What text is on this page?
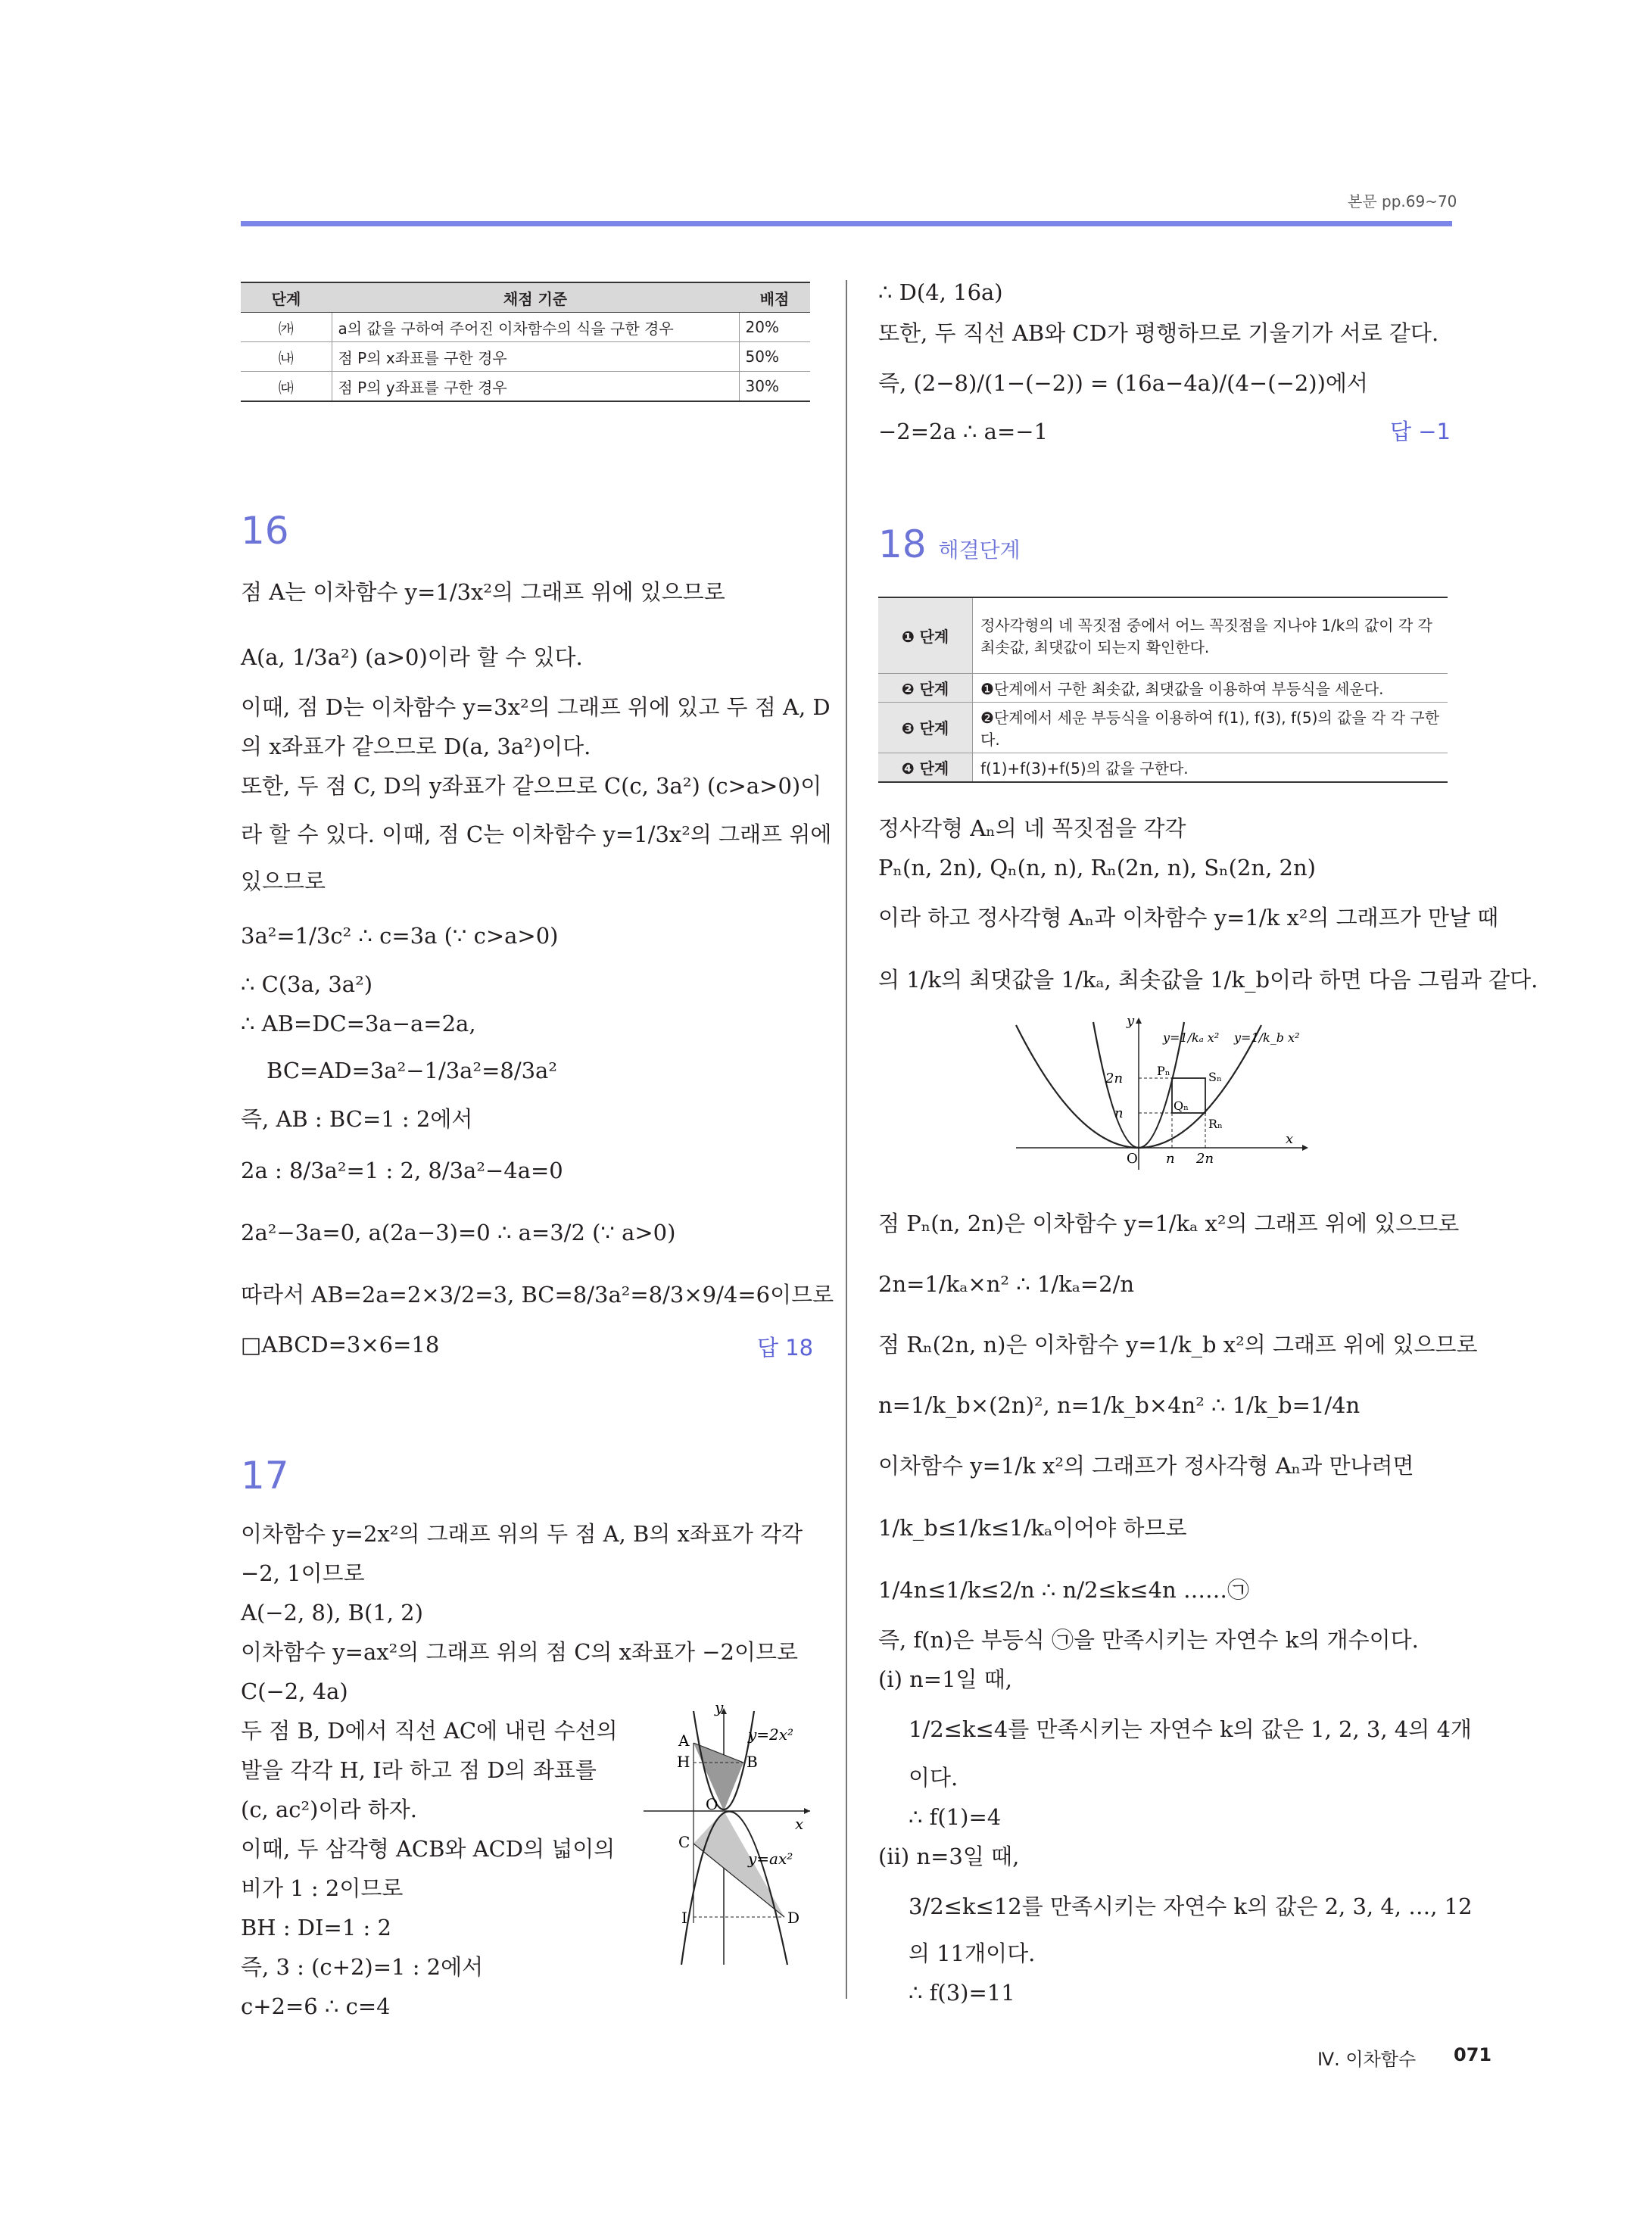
본문 pp.69~70
단계	채점 기준	배점
㈎	a의 값을 구하여 주어진 이차함수의 식을 구한 경우	20%
㈏	점 P의 x좌표를 구한 경우	50%
㈐	점 P의 y좌표를 구한 경우	30%
16
점 A는 이차함수 y=1/3x²의 그래프 위에 있으므로
A(a, 1/3a²) (a>0)이라 할 수 있다.
이때, 점 D는 이차함수 y=3x²의 그래프 위에 있고 두 점 A, D
의 x좌표가 같으므로 D(a, 3a²)이다.
또한, 두 점 C, D의 y좌표가 같으므로 C(c, 3a²) (c>a>0)이
라 할 수 있다. 이때, 점 C는 이차함수 y=1/3x²의 그래프 위에
있으므로
3a²=1/3c² ∴ c=3a (∵ c>a>0)
∴ C(3a, 3a²)
∴ AB=DC=3a−a=2a,
BC=AD=3a²−1/3a²=8/3a²
즉, AB : BC=1 : 2에서
2a : 8/3a²=1 : 2, 8/3a²−4a=0
2a²−3a=0, a(2a−3)=0 ∴ a=3/2 (∵ a>0)
따라서 AB=2a=2×3/2=3, BC=8/3a²=8/3×9/4=6이므로
□ABCD=3×6=18	답 18
17
이차함수 y=2x²의 그래프 위의 두 점 A, B의 x좌표가 각각
−2, 1이므로
A(−2, 8), B(1, 2)
이차함수 y=ax²의 그래프 위의 점 C의 x좌표가 −2이므로
C(−2, 4a)
두 점 B, D에서 직선 AC에 내린 수선의
발을 각각 H, I라 하고 점 D의 좌표를
(c, ac²)이라 하자.
이때, 두 삼각형 ACB와 ACD의 넓이의
비가 1 : 2이므로
BH : DI=1 : 2
즉, 3 : (c+2)=1 : 2에서
c+2=6 ∴ c=4
y
x
y=2x²
y=ax²
A
H	B
O
C
I	D
∴ D(4, 16a)
또한, 두 직선 AB와 CD가 평행하므로 기울기가 서로 같다.
즉, (2−8)/(1−(−2)) = (16a−4a)/(4−(−2))에서
−2=2a ∴ a=−1	답 −1
18 해결단계
❶ 단계	정사각형의 네 꼭짓점 중에서 어느 꼭짓점을 지나야 1/k의 값이 각 각 최솟값, 최댓값이 되는지 확인한다.
❷ 단계	❶단계에서 구한 최솟값, 최댓값을 이용하여 부등식을 세운다.
❸ 단계	❷단계에서 세운 부등식을 이용하여 f(1), f(3), f(5)의 값을 각 각 구한다.
❹ 단계	f(1)+f(3)+f(5)의 값을 구한다.
정사각형 Aₙ의 네 꼭짓점을 각각
Pₙ(n, 2n), Qₙ(n, n), Rₙ(2n, n), Sₙ(2n, 2n)
이라 하고 정사각형 Aₙ과 이차함수 y=1/k x²의 그래프가 만날 때
의 1/k의 최댓값을 1/kₐ, 최솟값을 1/k_b이라 하면 다음 그림과 같다.
y
x
y=1/kₐ x² y=1/k_b x²
2n
n
O n 2n
Pₙ	Sₙ
Qₙ
Rₙ
점 Pₙ(n, 2n)은 이차함수 y=1/kₐ x²의 그래프 위에 있으므로
2n=1/kₐ×n² ∴ 1/kₐ=2/n
점 Rₙ(2n, n)은 이차함수 y=1/k_b x²의 그래프 위에 있으므로
n=1/k_b×(2n)², n=1/k_b×4n² ∴ 1/k_b=1/4n
이차함수 y=1/k x²의 그래프가 정사각형 Aₙ과 만나려면
1/k_b≤1/k≤1/kₐ이어야 하므로
1/4n≤1/k≤2/n ∴ n/2≤k≤4n ……㉠
즉, f(n)은 부등식 ㉠을 만족시키는 자연수 k의 개수이다.
(ⅰ) n=1일 때,
1/2≤k≤4를 만족시키는 자연수 k의 값은 1, 2, 3, 4의 4개
이다.
∴ f(1)=4
(ⅱ) n=3일 때,
3/2≤k≤12를 만족시키는 자연수 k의 값은 2, 3, 4, …, 12
의 11개이다.
∴ f(3)=11
Ⅳ. 이차함수 071
